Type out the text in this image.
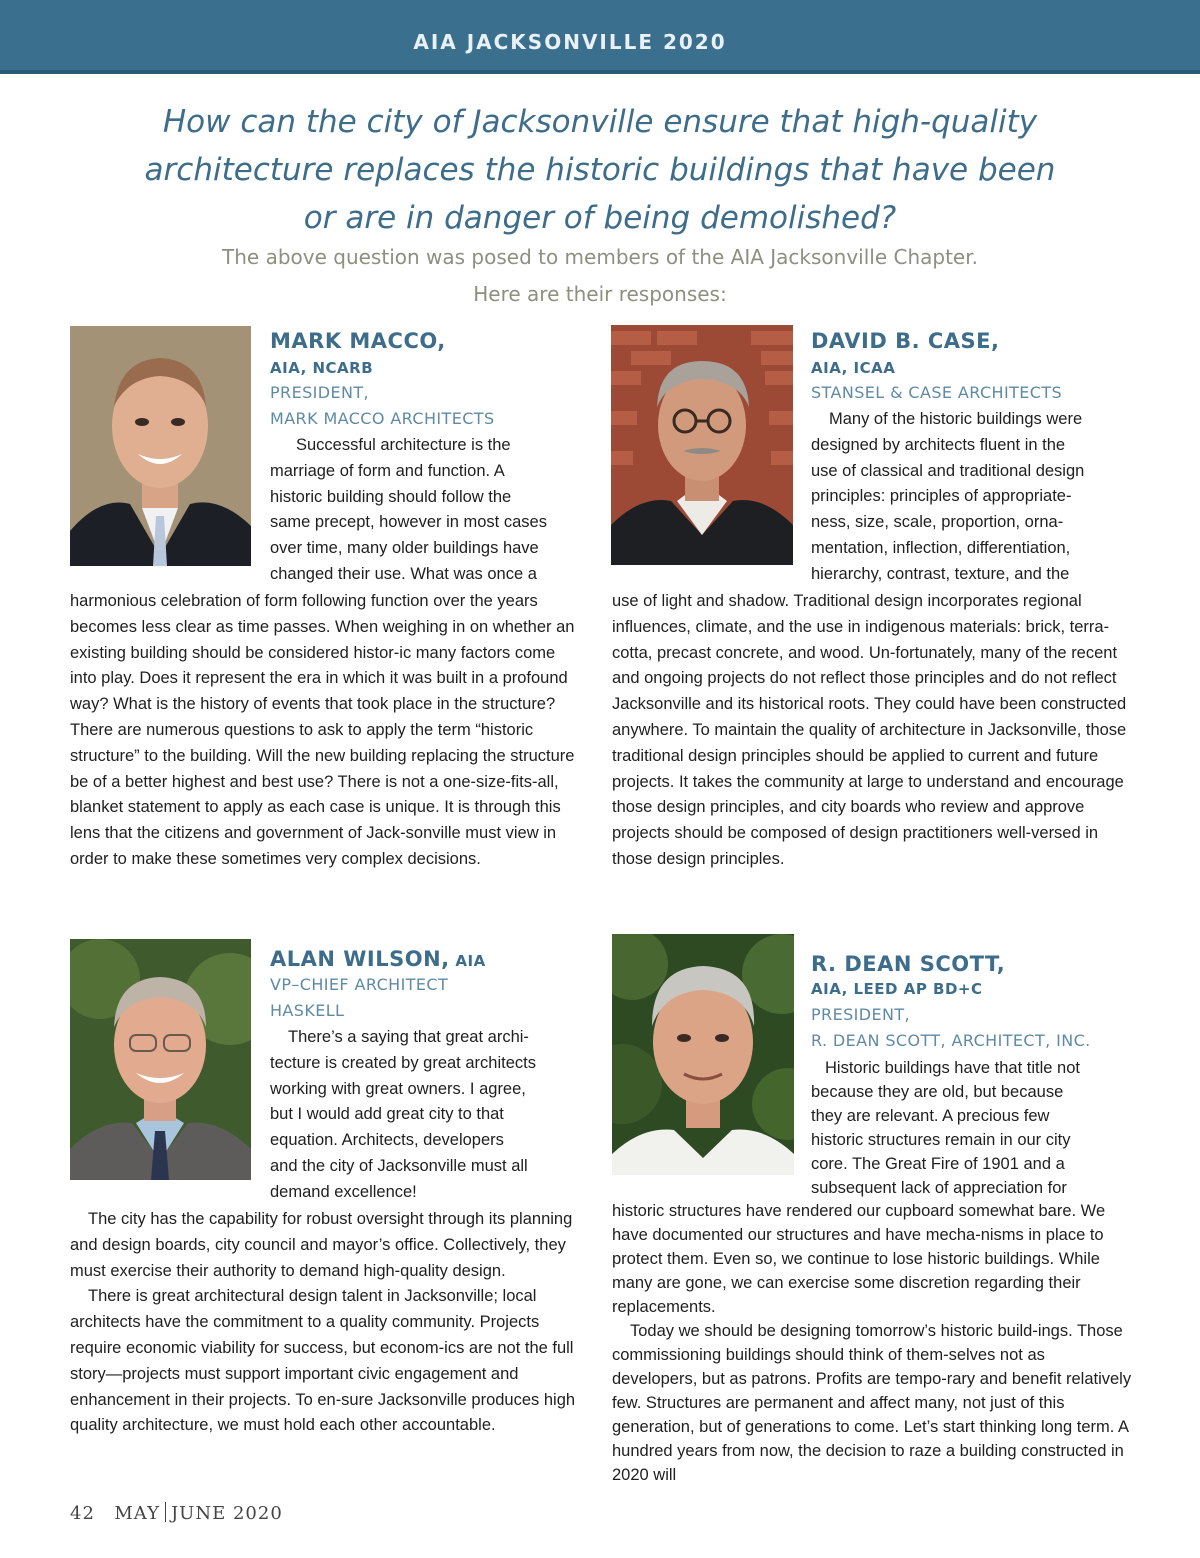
AIA JACKSONVILLE 2020
How can the city of Jacksonville ensure that high-quality
architecture replaces the historic buildings that have been
or are in danger of being demolished?
The above question was posed to members of the AIA Jacksonville Chapter.
Here are their responses:
MARK MACCO,
AIA, NCARB
PRESIDENT,
MARK MACCO ARCHITECTS
Successful architecture is the
marriage of form and function. A
historic building should follow the
same precept, however in most cases
over time, many older buildings have
changed their use. What was once a
harmonious celebration of form following function over the years becomes less clear as time passes. When weighing in on whether an existing building should be considered histor-ic many factors come into play. Does it represent the era in which it was built in a profound way? What is the history of events that took place in the structure? There are numerous questions to ask to apply the term “historic structure” to the building. Will the new building replacing the structure be of a better highest and best use? There is not a one-size-fits-all, blanket statement to apply as each case is unique. It is through this lens that the citizens and government of Jack-sonville must view in order to make these sometimes very complex decisions.
DAVID B. CASE,
AIA, ICAA
STANSEL & CASE ARCHITECTS
Many of the historic buildings were
designed by architects fluent in the
use of classical and traditional design
principles: principles of appropriate-
ness, size, scale, proportion, orna-
mentation, inflection, differentiation,
hierarchy, contrast, texture, and the
use of light and shadow. Traditional design incorporates regional influences, climate, and the use in indigenous materials: brick, terra-cotta, precast concrete, and wood. Un-fortunately, many of the recent and ongoing projects do not reflect those principles and do not reflect Jacksonville and its historical roots. They could have been constructed anywhere. To maintain the quality of architecture in Jacksonville, those traditional design principles should be applied to current and future projects. It takes the community at large to understand and encourage those design principles, and city boards who review and approve projects should be composed of design practitioners well-versed in those design principles.
ALAN WILSON, AIA
VP–CHIEF ARCHITECT
HASKELL
There’s a saying that great archi-
tecture is created by great architects
working with great owners. I agree,
but I would add great city to that
equation. Architects, developers
and the city of Jacksonville must all
demand excellence!
The city has the capability for robust oversight through its planning and design boards, city council and mayor’s office. Collectively, they must exercise their authority to demand high-quality design.
There is great architectural design talent in Jacksonville; local architects have the commitment to a quality community. Projects require economic viability for success, but econom-ics are not the full story—projects must support important civic engagement and enhancement in their projects. To en-sure Jacksonville produces high quality architecture, we must hold each other accountable.
R. DEAN SCOTT,
AIA, LEED AP BD+C
PRESIDENT,
R. DEAN SCOTT, ARCHITECT, INC.
Historic buildings have that title not
because they are old, but because
they are relevant. A precious few
historic structures remain in our city
core. The Great Fire of 1901 and a
subsequent lack of appreciation for
historic structures have rendered our cupboard somewhat bare. We have documented our structures and have mecha-nisms in place to protect them. Even so, we continue to lose historic buildings. While many are gone, we can exercise some discretion regarding their replacements.
Today we should be designing tomorrow’s historic build-ings. Those commissioning buildings should think of them-selves not as developers, but as patrons. Profits are tempo-rary and benefit relatively few. Structures are permanent and affect many, not just of this generation, but of generations to come. Let’s start thinking long term. A hundred years from now, the decision to raze a building constructed in 2020 will
42 MAY JUNE 2020
